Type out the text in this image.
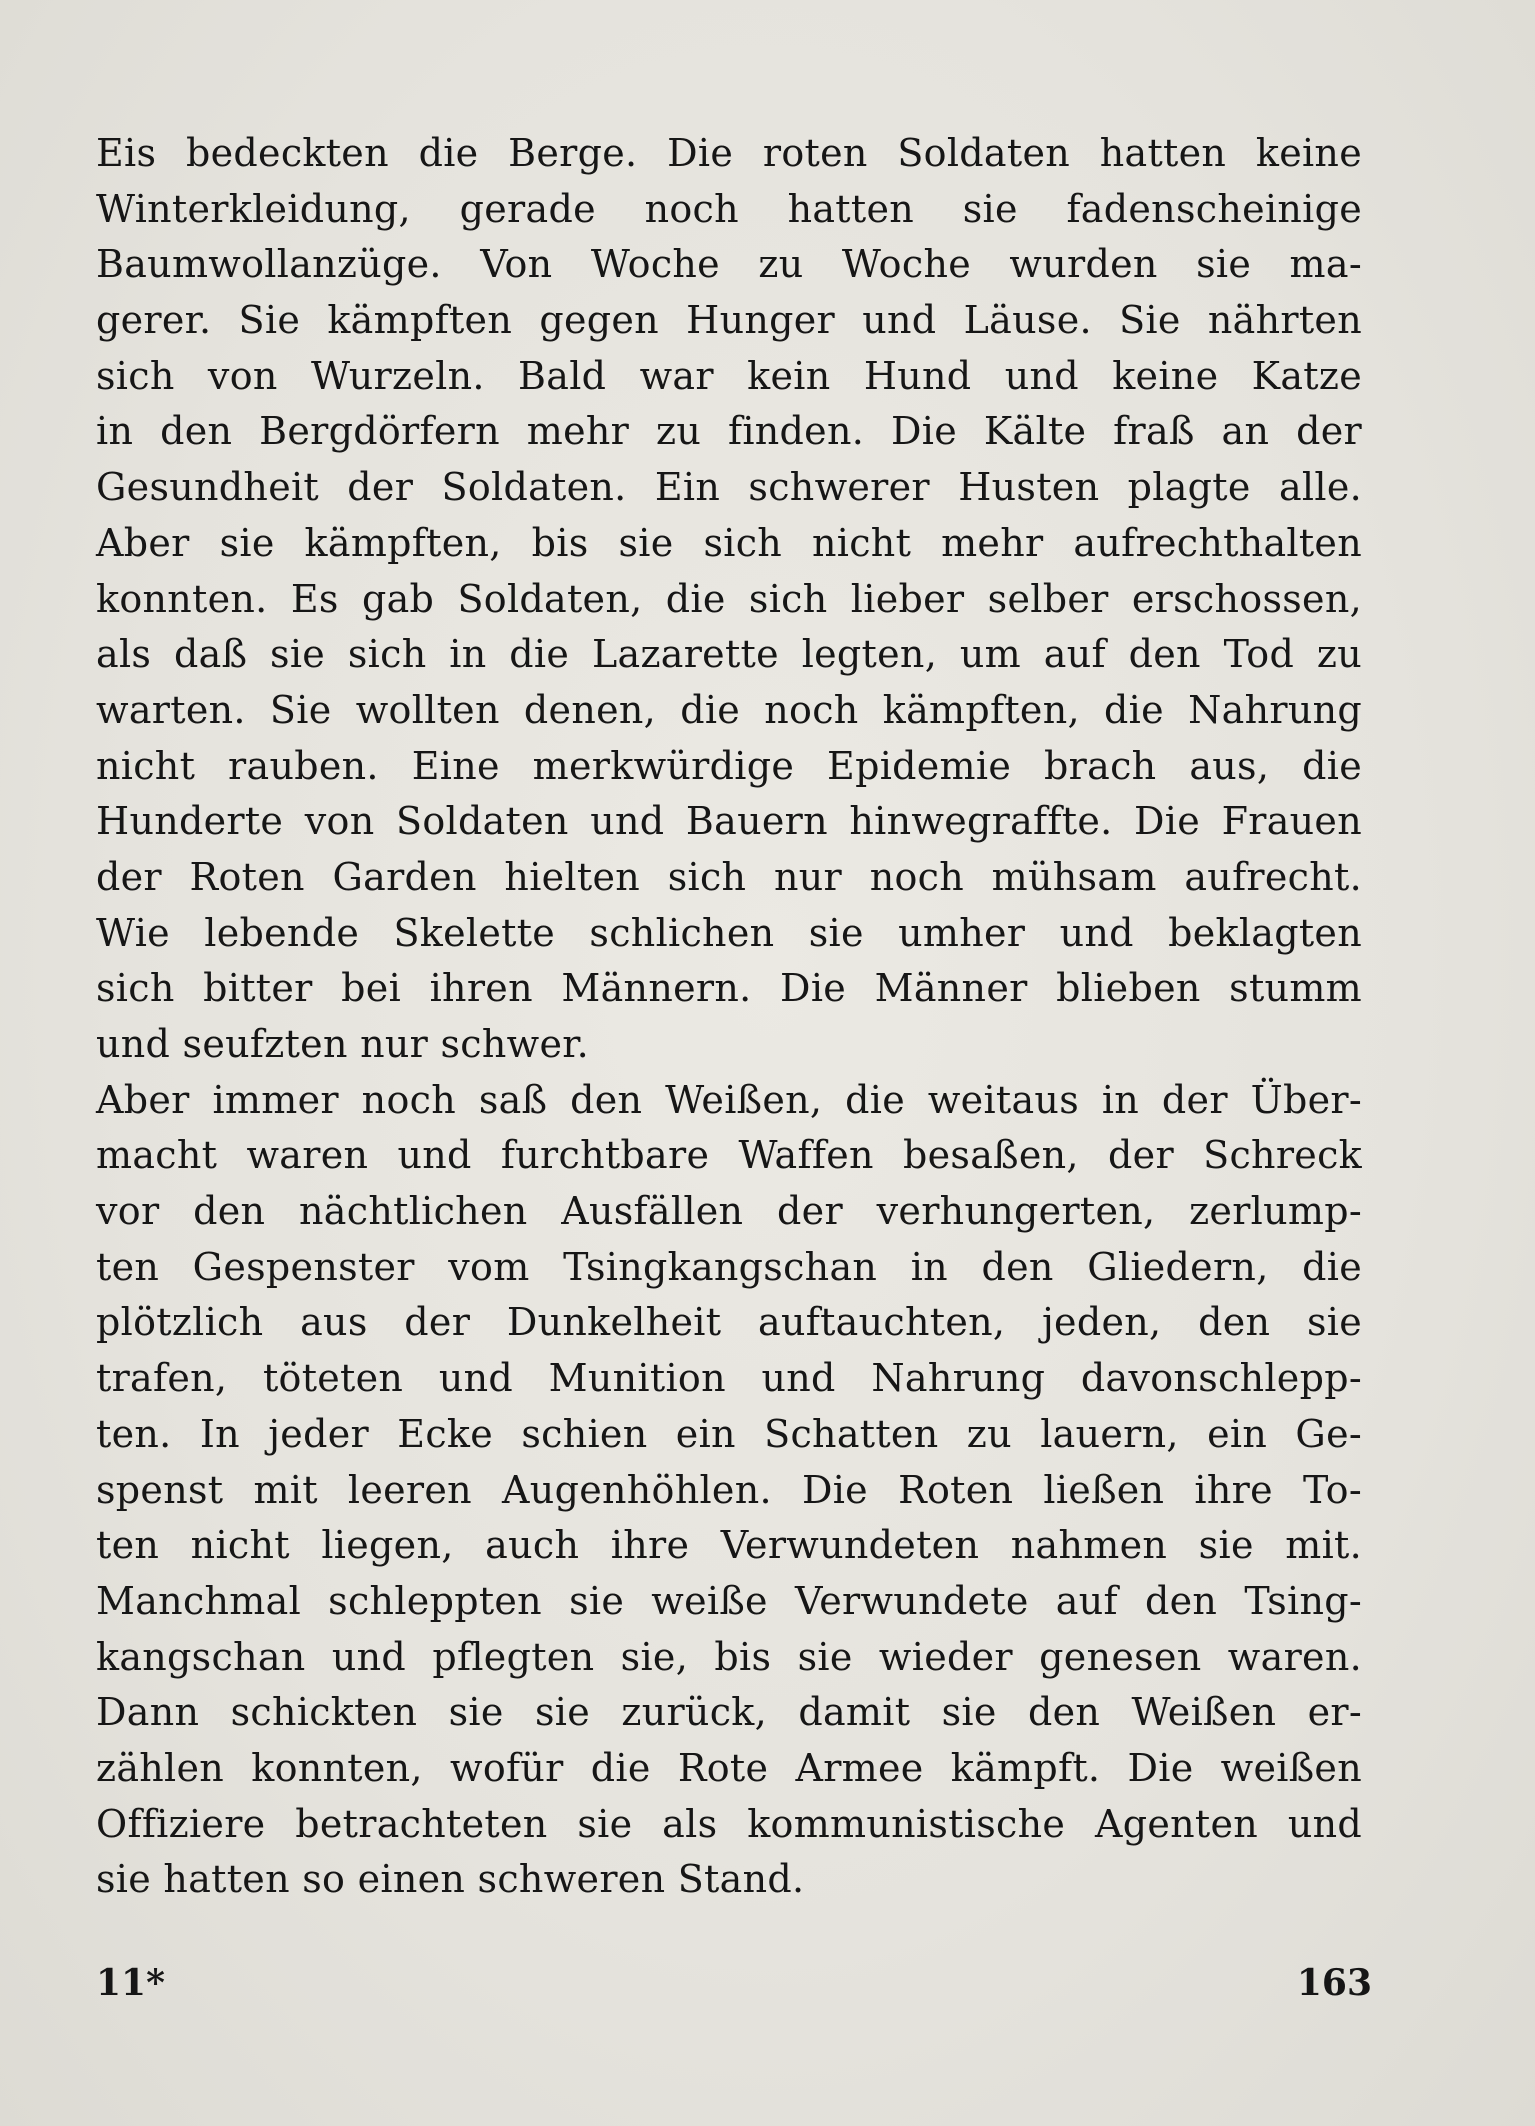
Eis bedeckten die Berge. Die roten Soldaten hatten keine
Winterkleidung, gerade noch hatten sie fadenscheinige
Baumwollanzüge. Von Woche zu Woche wurden sie ma-
gerer. Sie kämpften gegen Hunger und Läuse. Sie nährten
sich von Wurzeln. Bald war kein Hund und keine Katze
in den Bergdörfern mehr zu finden. Die Kälte fraß an der
Gesundheit der Soldaten. Ein schwerer Husten plagte alle.
Aber sie kämpften, bis sie sich nicht mehr aufrechthalten
konnten. Es gab Soldaten, die sich lieber selber erschossen,
als daß sie sich in die Lazarette legten, um auf den Tod zu
warten. Sie wollten denen, die noch kämpften, die Nahrung
nicht rauben. Eine merkwürdige Epidemie brach aus, die
Hunderte von Soldaten und Bauern hinwegraffte. Die Frauen
der Roten Garden hielten sich nur noch mühsam aufrecht.
Wie lebende Skelette schlichen sie umher und beklagten
sich bitter bei ihren Männern. Die Männer blieben stumm
und seufzten nur schwer.
Aber immer noch saß den Weißen, die weitaus in der Über-
macht waren und furchtbare Waffen besaßen, der Schreck
vor den nächtlichen Ausfällen der verhungerten, zerlump-
ten Gespenster vom Tsingkangschan in den Gliedern, die
plötzlich aus der Dunkelheit auftauchten, jeden, den sie
trafen, töteten und Munition und Nahrung davonschlepp-
ten. In jeder Ecke schien ein Schatten zu lauern, ein Ge-
spenst mit leeren Augenhöhlen. Die Roten ließen ihre To-
ten nicht liegen, auch ihre Verwundeten nahmen sie mit.
Manchmal schleppten sie weiße Verwundete auf den Tsing-
kangschan und pflegten sie, bis sie wieder genesen waren.
Dann schickten sie sie zurück, damit sie den Weißen er-
zählen konnten, wofür die Rote Armee kämpft. Die weißen
Offiziere betrachteten sie als kommunistische Agenten und
sie hatten so einen schweren Stand.
11*	163
